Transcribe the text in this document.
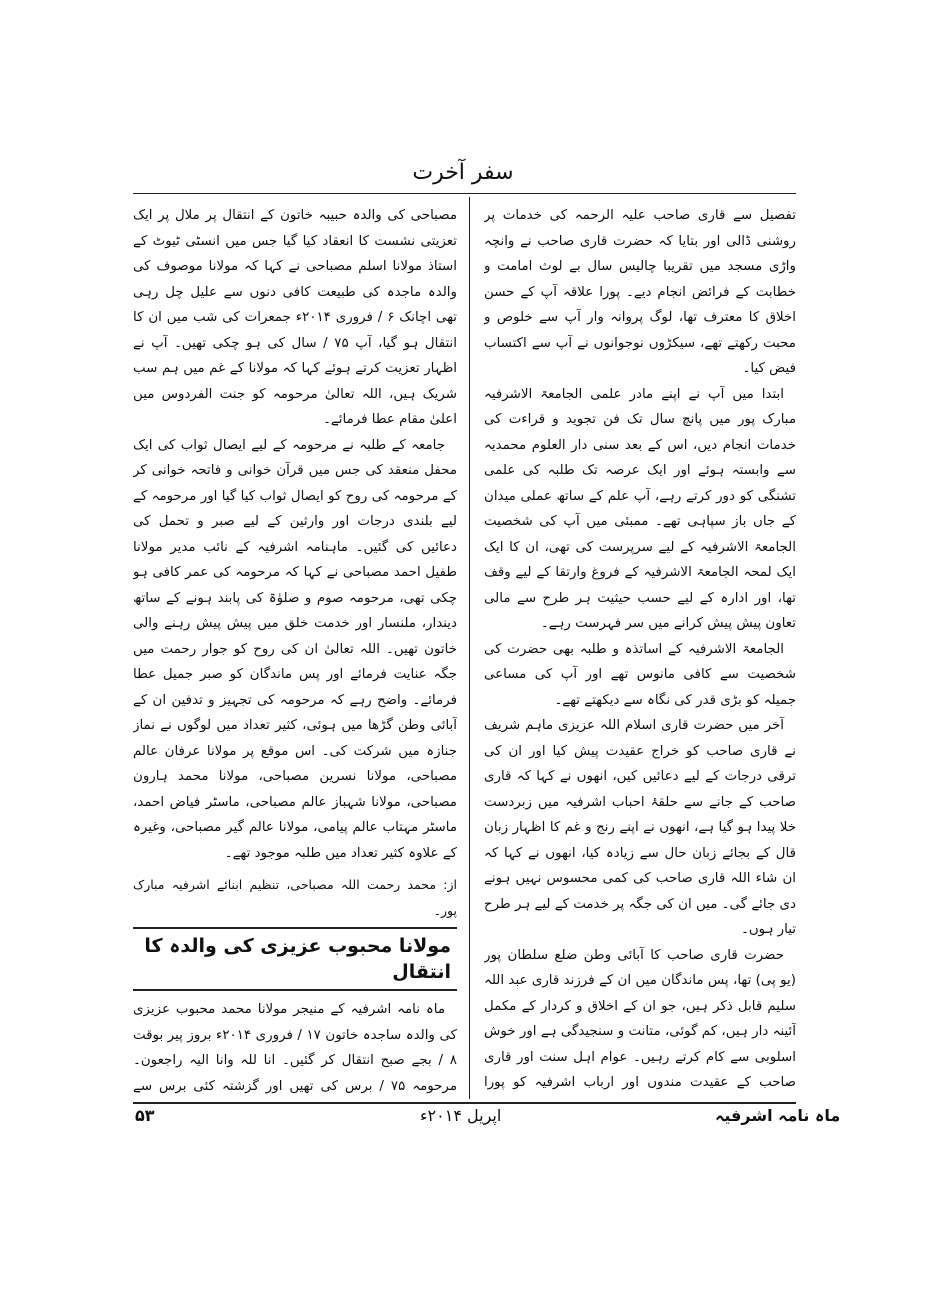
سفر آخرت

تفصیل سے قاری صاحب علیہ الرحمہ کی خدمات پر روشنی ڈالی اور بتایا کہ حضرت قاری صاحب نے وانچہ واڑی مسجد میں تقریبا چالیس سال بے لوث امامت و خطابت کے فرائض انجام دیے۔ پورا علاقہ آپ کے حسن اخلاق کا معترف تھا، لوگ پروانہ وار آپ سے خلوص و محبت رکھتے تھے، سیکڑوں نوجوانوں نے آپ سے اکتساب فیض کیا۔

ابتدا میں آپ نے اپنے مادر علمی الجامعۃ الاشرفیہ مبارک پور میں پانچ سال تک فن تجوید و قراءت کی خدمات انجام دیں، اس کے بعد سنی دار العلوم محمدیہ سے وابستہ ہوئے اور ایک عرصہ تک طلبہ کی علمی تشنگی کو دور کرتے رہے، آپ علم کے ساتھ عملی میدان کے جاں باز سپاہی تھے۔ ممبئی میں آپ کی شخصیت الجامعۃ الاشرفیہ کے لیے سرپرست کی تھی، ان کا ایک ایک لمحہ الجامعۃ الاشرفیہ کے فروغ وارتقا کے لیے وقف تھا، اور ادارہ کے لیے حسب حیثیت ہر طرح سے مالی تعاون پیش پیش کرانے میں سر فہرست رہے۔

الجامعۃ الاشرفیہ کے اساتذہ و طلبہ بھی حضرت کی شخصیت سے کافی مانوس تھے اور آپ کی مساعی جمیلہ کو بڑی قدر کی نگاہ سے دیکھتے تھے۔

آخر میں حضرت قاری اسلام اللہ عزیزی ماہم شریف نے قاری صاحب کو خراج عقیدت پیش کیا اور ان کی ترقی درجات کے لیے دعائیں کیں، انھوں نے کہا کہ قاری صاحب کے جانے سے حلقۂ احباب اشرفیہ میں زبردست خلا پیدا ہو گیا ہے، انھوں نے اپنے رنج و غم کا اظہار زبان قال کے بجائے زبان حال سے زیادہ کیا، انھوں نے کہا کہ ان شاء اللہ قاری صاحب کی کمی محسوس نہیں ہونے دی جائے گی۔ میں ان کی جگہ پر خدمت کے لیے ہر طرح تیار ہوں۔

حضرت قاری صاحب کا آبائی وطن ضلع سلطان پور (یو پی) تھا، پس ماندگان میں ان کے فرزند قاری عبد اللہ سلیم قابل ذکر ہیں، جو ان کے اخلاق و کردار کے مکمل آئینہ دار ہیں، کم گوئی، متانت و سنجیدگی ہے اور خوش اسلوبی سے کام کرتے رہیں۔ عوام اہل سنت اور قاری صاحب کے عقیدت مندوں اور ارباب اشرفیہ کو پورا

مصباحی کی والدہ حبیبہ خاتون کے انتقال پر ملال پر ایک تعزیتی نشست کا انعقاد کیا گیا جس میں انسٹی ٹیوٹ کے استاذ مولانا اسلم مصباحی نے کہا کہ مولانا موصوف کی والدہ ماجدہ کی طبیعت کافی دنوں سے علیل چل رہی تھی اچانک ۶ / فروری ۲۰۱۴ء جمعرات کی شب میں ان کا انتقال ہو گیا، آپ ۷۵ / سال کی ہو چکی تھیں۔ آپ نے اظہار تعزیت کرتے ہوئے کہا کہ مولانا کے غم میں ہم سب شریک ہیں، اللہ تعالیٰ مرحومہ کو جنت الفردوس میں اعلیٰ مقام عطا فرمائے۔

جامعہ کے طلبہ نے مرحومہ کے لیے ایصال ثواب کی ایک محفل منعقد کی جس میں قرآن خوانی و فاتحہ خوانی کر کے مرحومہ کی روح کو ایصال ثواب کیا گیا اور مرحومہ کے لیے بلندی درجات اور وارثین کے لیے صبر و تحمل کی دعائیں کی گئیں۔ ماہنامہ اشرفیہ کے نائب مدیر مولانا طفیل احمد مصباحی نے کہا کہ مرحومہ کی عمر کافی ہو چکی تھی، مرحومہ صوم و صلوٰۃ کی پابند ہونے کے ساتھ دیندار، ملنسار اور خدمت خلق میں پیش پیش رہنے والی خاتون تھیں۔ اللہ تعالیٰ ان کی روح کو جوار رحمت میں جگہ عنایت فرمائے اور پس ماندگان کو صبر جمیل عطا فرمائے۔ واضح رہے کہ مرحومہ کی تجہیز و تدفین ان کے آبائی وطن گڑھا میں ہوئی، کثیر تعداد میں لوگوں نے نماز جنازہ میں شرکت کی۔ اس موقع پر مولانا عرفان عالم مصباحی، مولانا نسرین مصباحی، مولانا محمد ہارون مصباحی، مولانا شہباز عالم مصباحی، ماسٹر فیاض احمد، ماسٹر مہتاب عالم پیامی، مولانا عالم گیر مصباحی، وغیرہ کے علاوہ کثیر تعداد میں طلبہ موجود تھے۔

از: محمد رحمت اللہ مصباحی، تنظیم ابنائے اشرفیہ مبارک پور۔
مولانا محبوب عزیزی کی والدہ کا انتقال

ماہ نامہ اشرفیہ کے منیجر مولانا محمد محبوب عزیزی کی والدہ ساجدہ خاتون ۱۷ / فروری ۲۰۱۴ء بروز پیر بوقت ۸ / بجے صبح انتقال کر گئیں۔ انا للہ وانا الیہ راجعون۔ مرحومہ ۷۵ / برس کی تھیں اور گزشتہ کئی برس سے

۵۳	اپریل ۲۰۱۴ء	ماہ نامہ اشرفیہ
